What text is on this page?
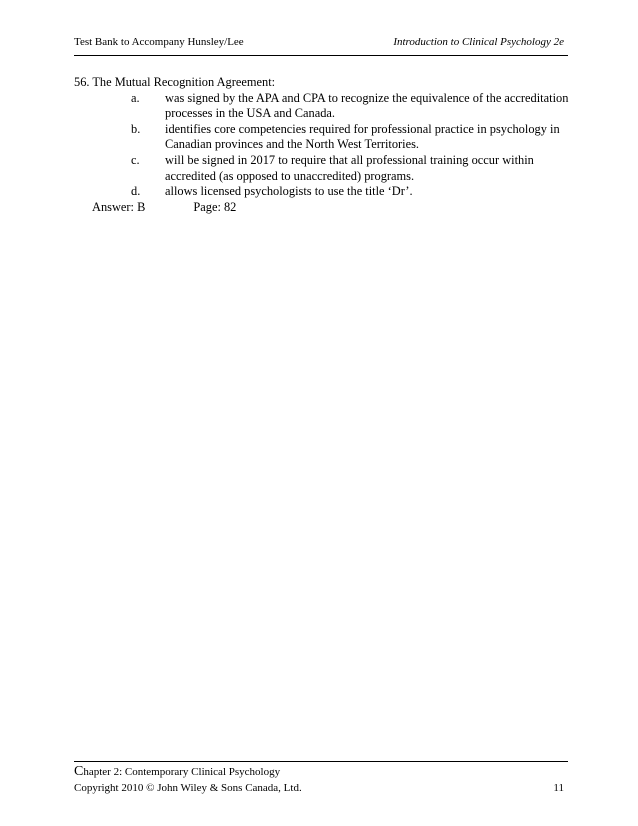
Test Bank to Accompany Hunsley/Lee	Introduction to Clinical Psychology 2e
56. The Mutual Recognition Agreement:
a. was signed by the APA and CPA to recognize the equivalence of the accreditation processes in the USA and Canada.
b. identifies core competencies required for professional practice in psychology in Canadian provinces and the North West Territories.
c. will be signed in 2017 to require that all professional training occur within accredited (as opposed to unaccredited) programs.
d. allows licensed psychologists to use the title ‘Dr’.
Answer: B	Page: 82
Chapter 2: Contemporary Clinical Psychology
Copyright 2010 © John Wiley & Sons Canada, Ltd.	11
